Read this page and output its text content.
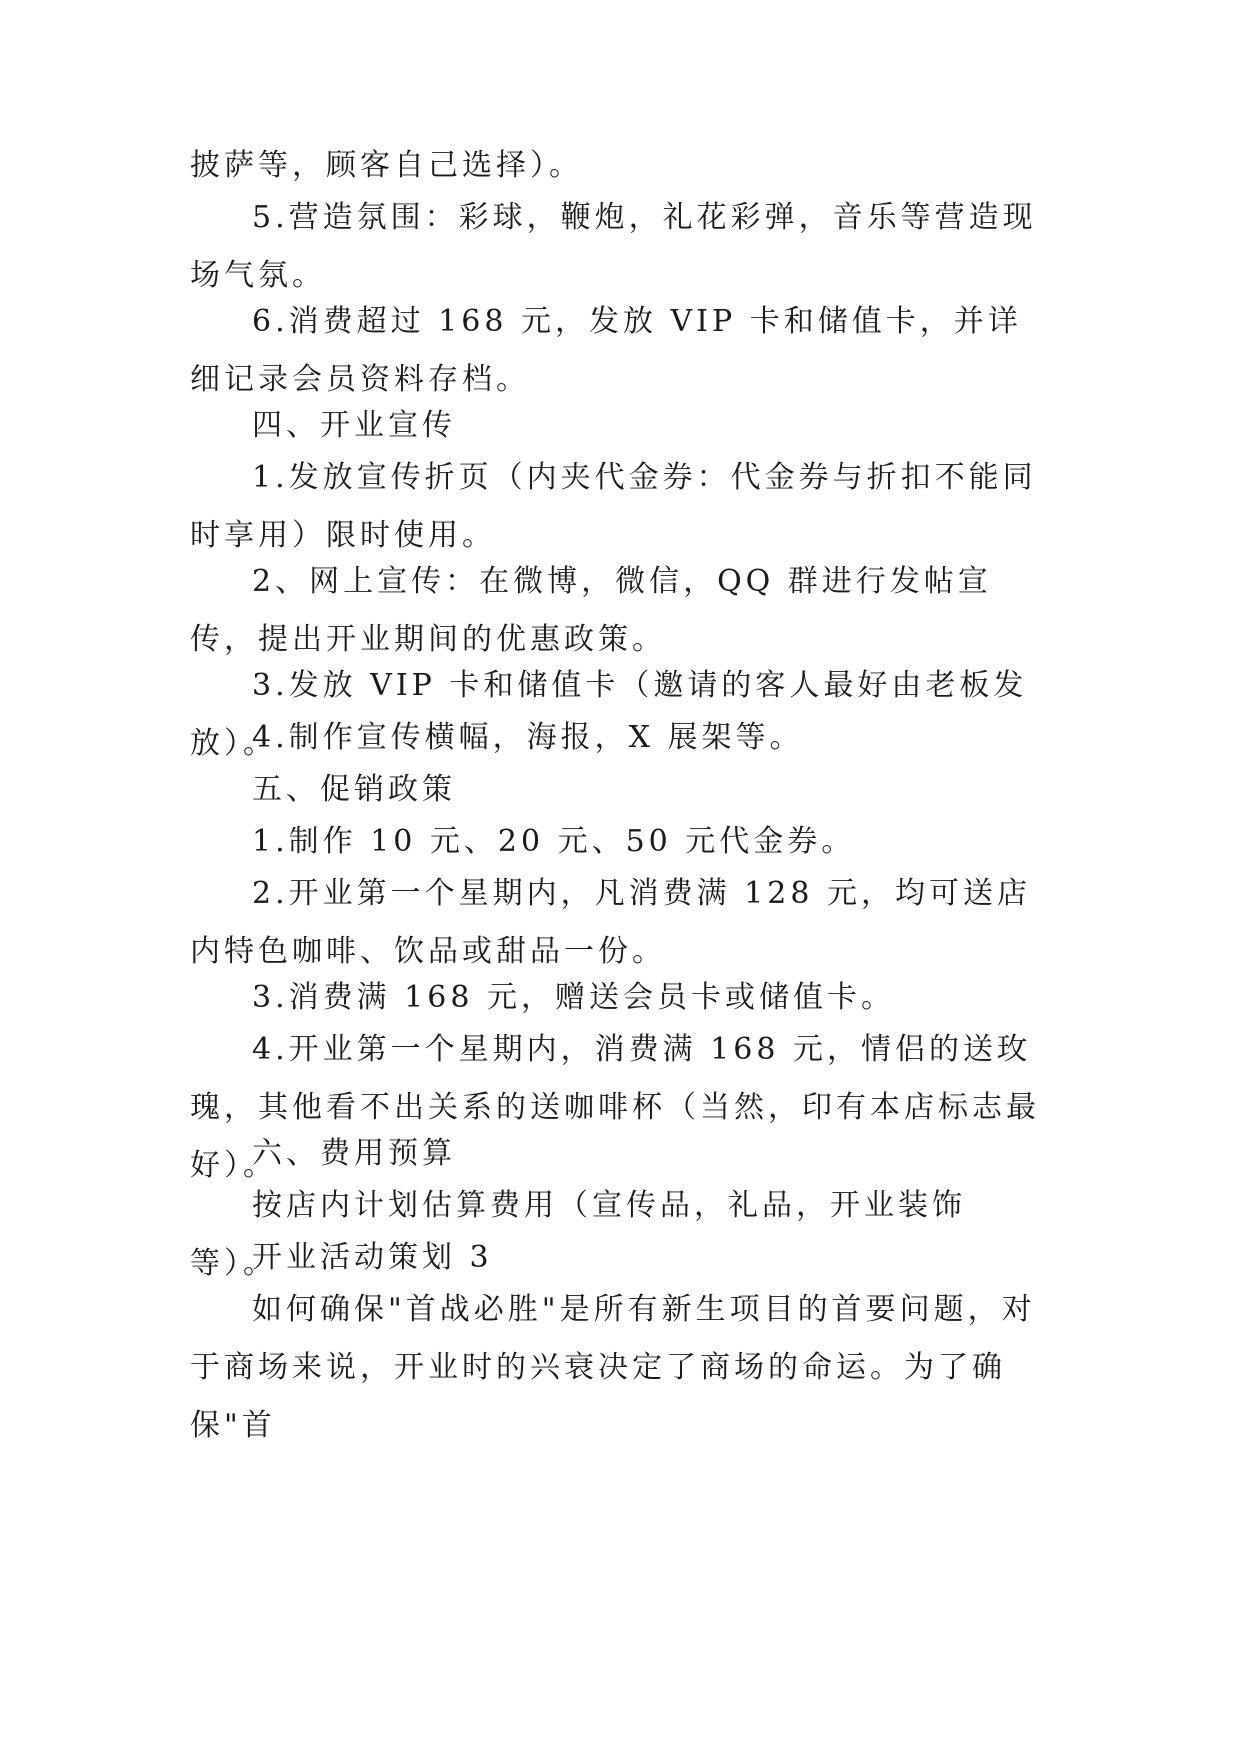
披萨等，顾客自己选择）。

5.营造氛围：彩球，鞭炮，礼花彩弹，音乐等营造现场气氛。

6.消费超过 168 元，发放 VIP 卡和储值卡，并详细记录会员资料存档。

四、开业宣传

1.发放宣传折页（内夹代金券：代金券与折扣不能同时享用）限时使用。

2、网上宣传：在微博，微信，QQ 群进行发帖宣传，提出开业期间的优惠政策。

3.发放 VIP 卡和储值卡（邀请的客人最好由老板发放）。

4.制作宣传横幅，海报，X 展架等。

五、促销政策

1.制作 10 元、20 元、50 元代金券。

2.开业第一个星期内，凡消费满 128 元，均可送店内特色咖啡、饮品或甜品一份。

3.消费满 168 元，赠送会员卡或储值卡。

4.开业第一个星期内，消费满 168 元，情侣的送玫瑰，其他看不出关系的送咖啡杯（当然，印有本店标志最好）。

六、费用预算

按店内计划估算费用（宣传品，礼品，开业装饰等）。

开业活动策划 3

如何确保"首战必胜"是所有新生项目的首要问题，对于商场来说，开业时的兴衰决定了商场的命运。为了确保"首
